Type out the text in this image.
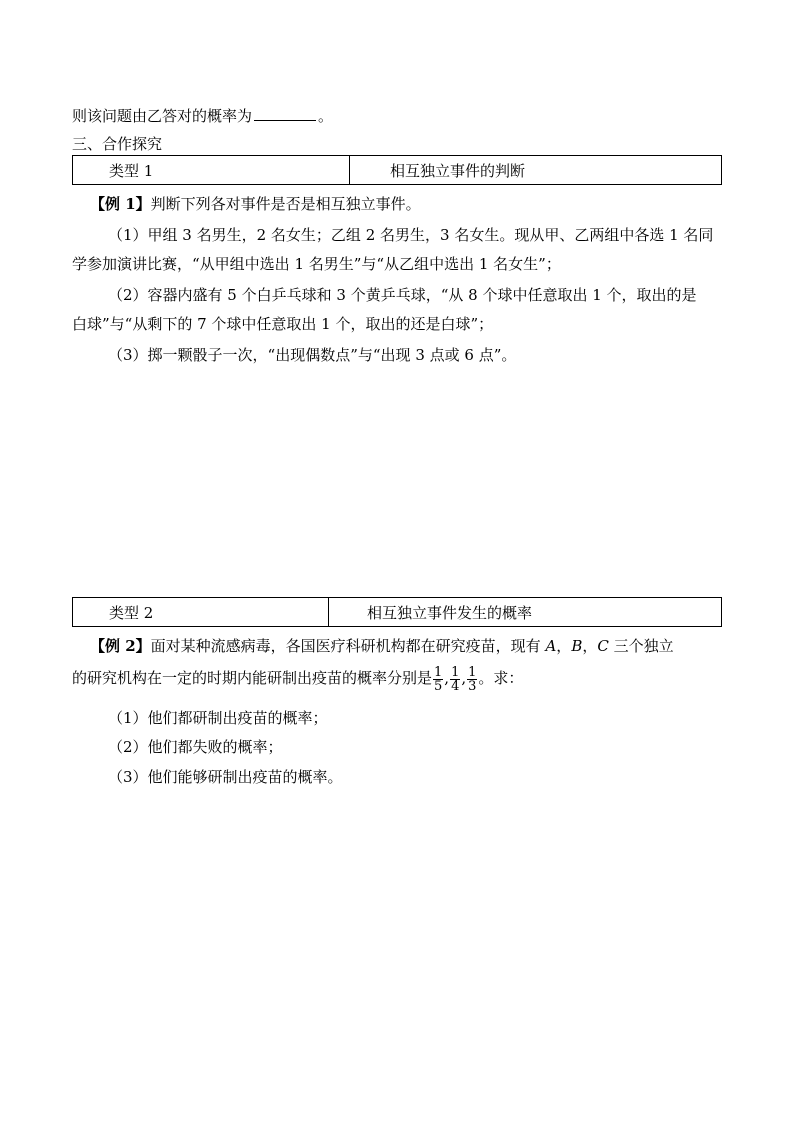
则该问题由乙答对的概率为	。
三、合作探究
类型 1	相互独立事件的判断
【例 1】判断下列各对事件是否是相互独立事件。
（1）甲组 3 名男生，2 名女生；乙组 2 名男生，3 名女生。现从甲、乙两组中各选 1 名同
学参加演讲比赛，“从甲组中选出 1 名男生”与“从乙组中选出 1 名女生”；
（2）容器内盛有 5 个白乒乓球和 3 个黄乒乓球，“从 8 个球中任意取出 1 个，取出的是
白球”与“从剩下的 7 个球中任意取出 1 个，取出的还是白球”；
（3）掷一颗骰子一次，“出现偶数点”与“出现 3 点或 6 点”。
类型 2	相互独立事件发生的概率
【例 2】面对某种流感病毒，各国医疗科研机构都在研究疫苗，现有 A，B，C 三个独立
的研究机构在一定的时期内能研制出疫苗的概率分别是 $\frac{1}{5}$ , $\frac{1}{4}$ , $\frac{1}{3}$ 。求：
（1）他们都研制出疫苗的概率；
（2）他们都失败的概率；
（3）他们能够研制出疫苗的概率。
